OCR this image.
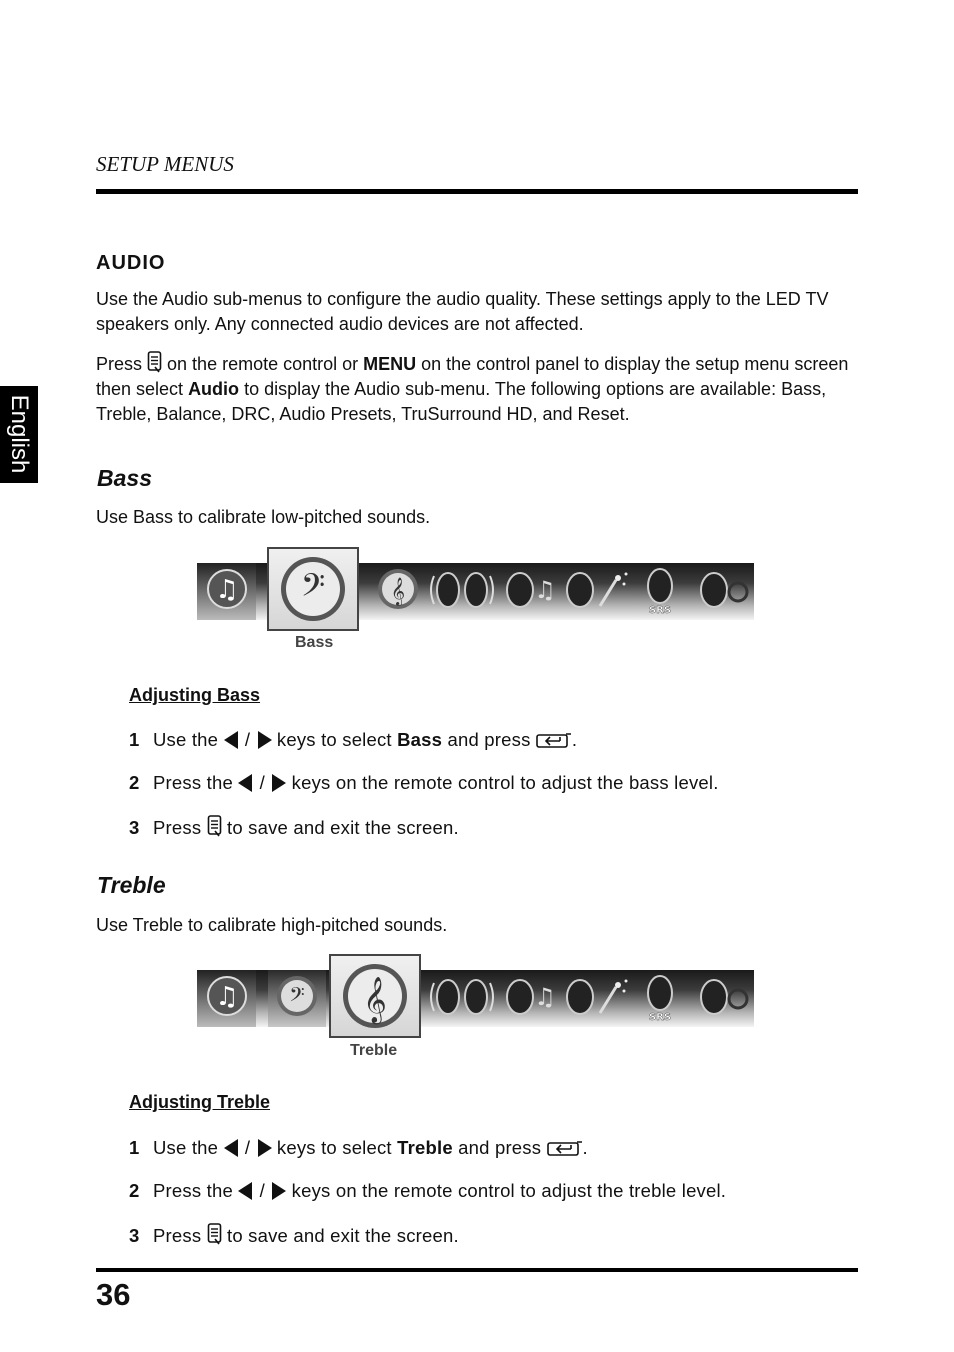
SETUP MENUS
English
AUDIO
Use the Audio sub-menus to configure the audio quality. These settings apply to the LED TV speakers only. Any connected audio devices are not affected.
Press  on the remote control or MENU on the control panel to display the setup menu screen then select Audio to display the Audio sub-menu. The following options are available: Bass, Treble, Balance, DRC, Audio Presets, TruSurround HD, and Reset.
Bass
Use Bass to calibrate low-pitched sounds.
♫ 𝄢
Bass
𝄞	♫
SRS
Adjusting Bass
1 Use the / keys to select Bass and press .
2 Press the / keys on the remote control to adjust the bass level.
3 Press to save and exit the screen.
Treble
Use Treble to calibrate high-pitched sounds.
♫ 𝄢 𝄞
Treble
♫
SRS
Adjusting Treble
1 Use the / keys to select Treble and press .
2 Press the / keys on the remote control to adjust the treble level.
3 Press to save and exit the screen.
36
